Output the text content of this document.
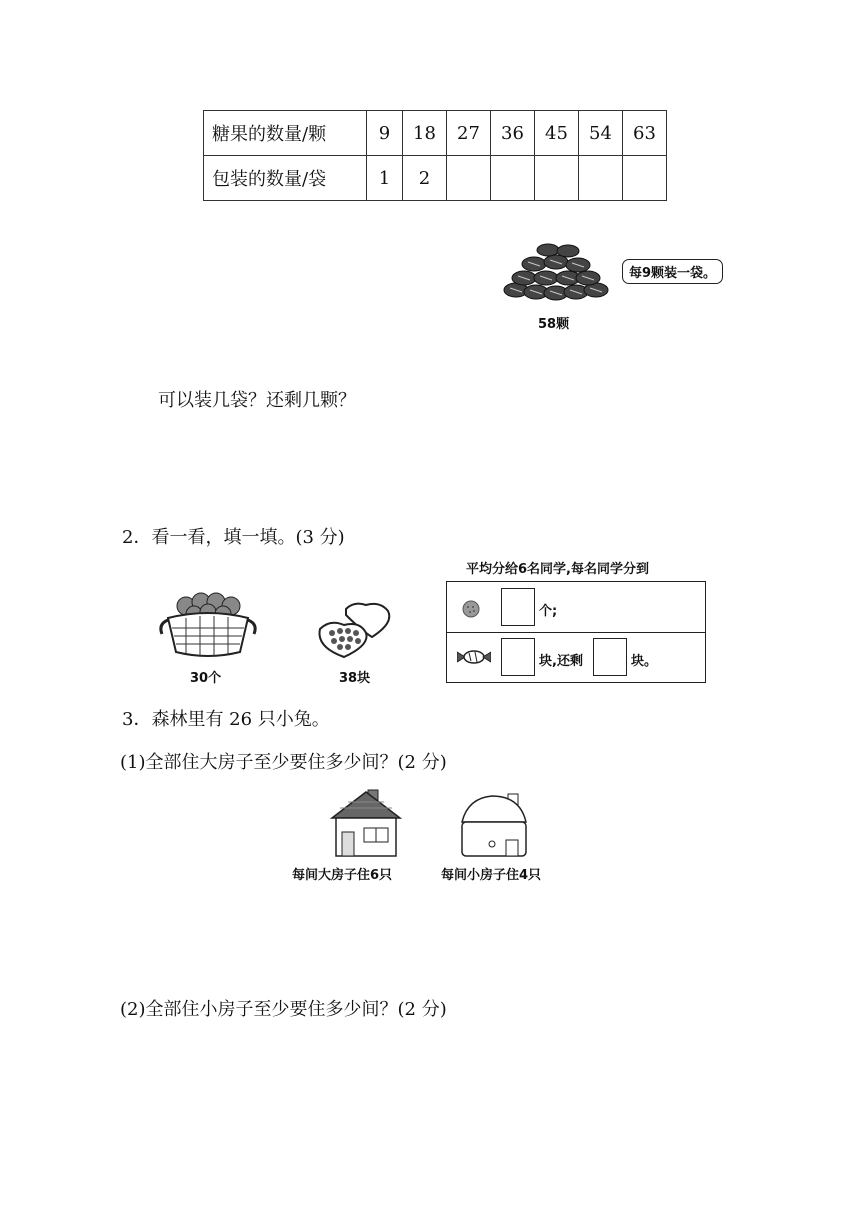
糖果的数量/颗	9	18	27	36	45	54	63
包装的数量/袋	1	2					
每9颗装一袋。
58颗
可以装几袋？还剩几颗？
2．看一看，填一填。(3 分)
30个	38块
平均分给6名同学,每名同学分到
个;
块,还剩	块。
3．森林里有 26 只小兔。
(1)全部住大房子至少要住多少间？(2 分)
每间大房子住6只	每间小房子住4只
(2)全部住小房子至少要住多少间？(2 分)
